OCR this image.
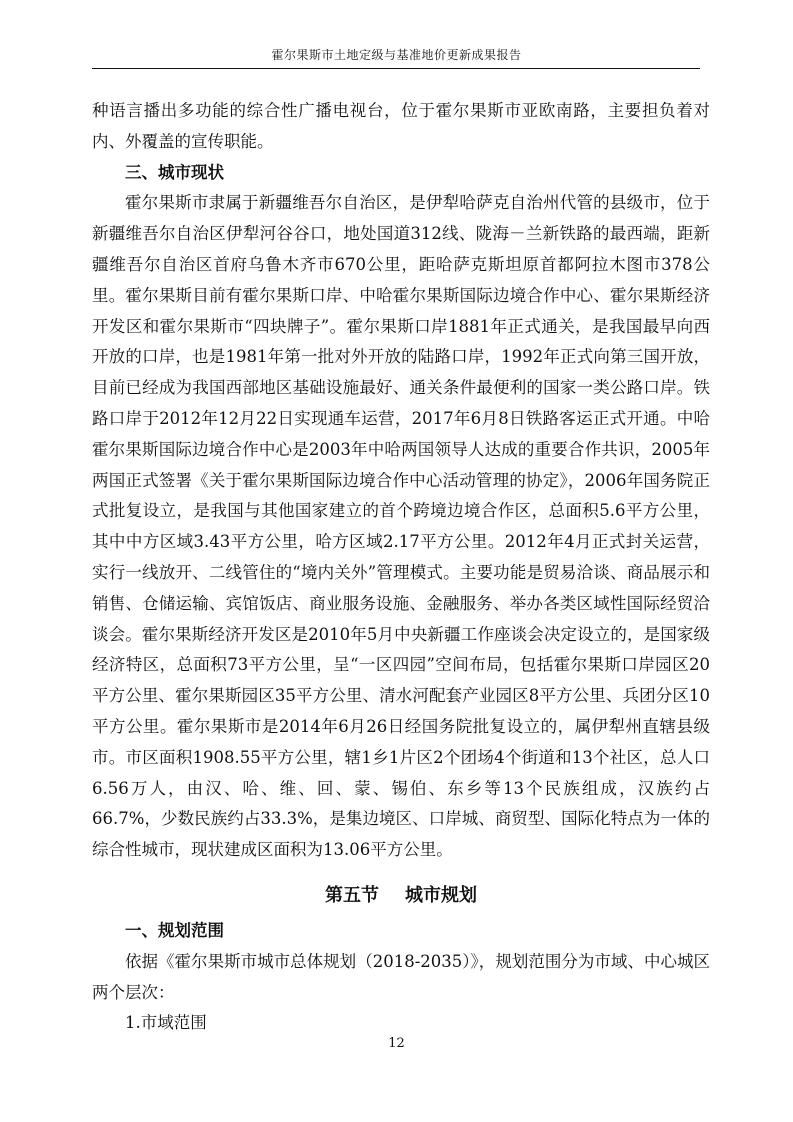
霍尔果斯市土地定级与基准地价更新成果报告

种语言播出多功能的综合性广播电视台，位于霍尔果斯市亚欧南路，主要担负着对内、外覆盖的宣传职能。

三、城市现状

霍尔果斯市隶属于新疆维吾尔自治区，是伊犁哈萨克自治州代管的县级市，位于新疆维吾尔自治区伊犁河谷谷口，地处国道312线、陇海－兰新铁路的最西端，距新疆维吾尔自治区首府乌鲁木齐市670公里，距哈萨克斯坦原首都阿拉木图市378公里。霍尔果斯目前有霍尔果斯口岸、中哈霍尔果斯国际边境合作中心、霍尔果斯经济开发区和霍尔果斯市“四块牌子”。霍尔果斯口岸1881年正式通关，是我国最早向西开放的口岸，也是1981年第一批对外开放的陆路口岸，1992年正式向第三国开放，目前已经成为我国西部地区基础设施最好、通关条件最便利的国家一类公路口岸。铁路口岸于2012年12月22日实现通车运营，2017年6月8日铁路客运正式开通。中哈霍尔果斯国际边境合作中心是2003年中哈两国领导人达成的重要合作共识，2005年两国正式签署《关于霍尔果斯国际边境合作中心活动管理的协定》，2006年国务院正式批复设立，是我国与其他国家建立的首个跨境边境合作区，总面积5.6平方公里，其中中方区域3.43平方公里，哈方区域2.17平方公里。2012年4月正式封关运营，实行一线放开、二线管住的“境内关外”管理模式。主要功能是贸易洽谈、商品展示和销售、仓储运输、宾馆饭店、商业服务设施、金融服务、举办各类区域性国际经贸洽谈会。霍尔果斯经济开发区是2010年5月中央新疆工作座谈会决定设立的，是国家级经济特区，总面积73平方公里，呈“一区四园”空间布局，包括霍尔果斯口岸园区20平方公里、霍尔果斯园区35平方公里、清水河配套产业园区8平方公里、兵团分区10平方公里。霍尔果斯市是2014年6月26日经国务院批复设立的，属伊犁州直辖县级市。市区面积1908.55平方公里，辖1乡1片区2个团场4个街道和13个社区，总人口6.56万人，由汉、哈、维、回、蒙、锡伯、东乡等13个民族组成，汉族约占66.7%，少数民族约占33.3%，是集边境区、口岸城、商贸型、国际化特点为一体的综合性城市，现状建成区面积为13.06平方公里。

第五节 城市规划

一、规划范围

依据《霍尔果斯市城市总体规划（2018-2035）》，规划范围分为市域、中心城区两个层次：

1.市域范围

12
